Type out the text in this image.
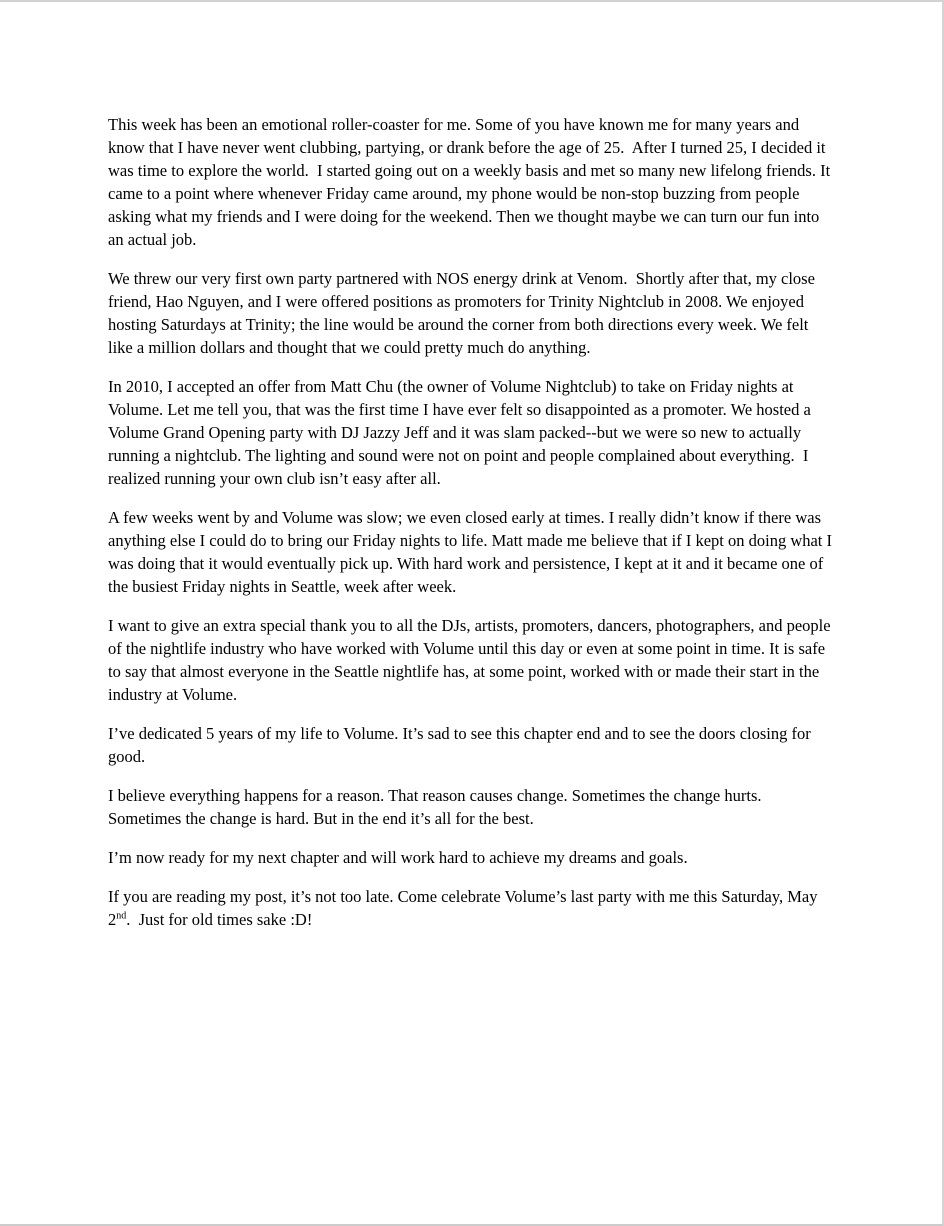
This week has been an emotional roller-coaster for me. Some of you have known me for many years and know that I have never went clubbing, partying, or drank before the age of 25.  After I turned 25, I decided it was time to explore the world.  I started going out on a weekly basis and met so many new lifelong friends. It came to a point where whenever Friday came around, my phone would be non-stop buzzing from people asking what my friends and I were doing for the weekend. Then we thought maybe we can turn our fun into an actual job.

We threw our very first own party partnered with NOS energy drink at Venom.  Shortly after that, my close friend, Hao Nguyen, and I were offered positions as promoters for Trinity Nightclub in 2008. We enjoyed hosting Saturdays at Trinity; the line would be around the corner from both directions every week. We felt like a million dollars and thought that we could pretty much do anything.

In 2010, I accepted an offer from Matt Chu (the owner of Volume Nightclub) to take on Friday nights at Volume. Let me tell you, that was the first time I have ever felt so disappointed as a promoter. We hosted a Volume Grand Opening party with DJ Jazzy Jeff and it was slam packed--but we were so new to actually running a nightclub. The lighting and sound were not on point and people complained about everything.  I realized running your own club isn’t easy after all.

A few weeks went by and Volume was slow; we even closed early at times. I really didn’t know if there was anything else I could do to bring our Friday nights to life. Matt made me believe that if I kept on doing what I was doing that it would eventually pick up. With hard work and persistence, I kept at it and it became one of the busiest Friday nights in Seattle, week after week.

I want to give an extra special thank you to all the DJs, artists, promoters, dancers, photographers, and people of the nightlife industry who have worked with Volume until this day or even at some point in time. It is safe to say that almost everyone in the Seattle nightlife has, at some point, worked with or made their start in the industry at Volume.

I’ve dedicated 5 years of my life to Volume. It’s sad to see this chapter end and to see the doors closing for good.

I believe everything happens for a reason. That reason causes change. Sometimes the change hurts. Sometimes the change is hard. But in the end it’s all for the best.

I’m now ready for my next chapter and will work hard to achieve my dreams and goals.

If you are reading my post, it’s not too late. Come celebrate Volume’s last party with me this Saturday, May 2nd.  Just for old times sake :D!
